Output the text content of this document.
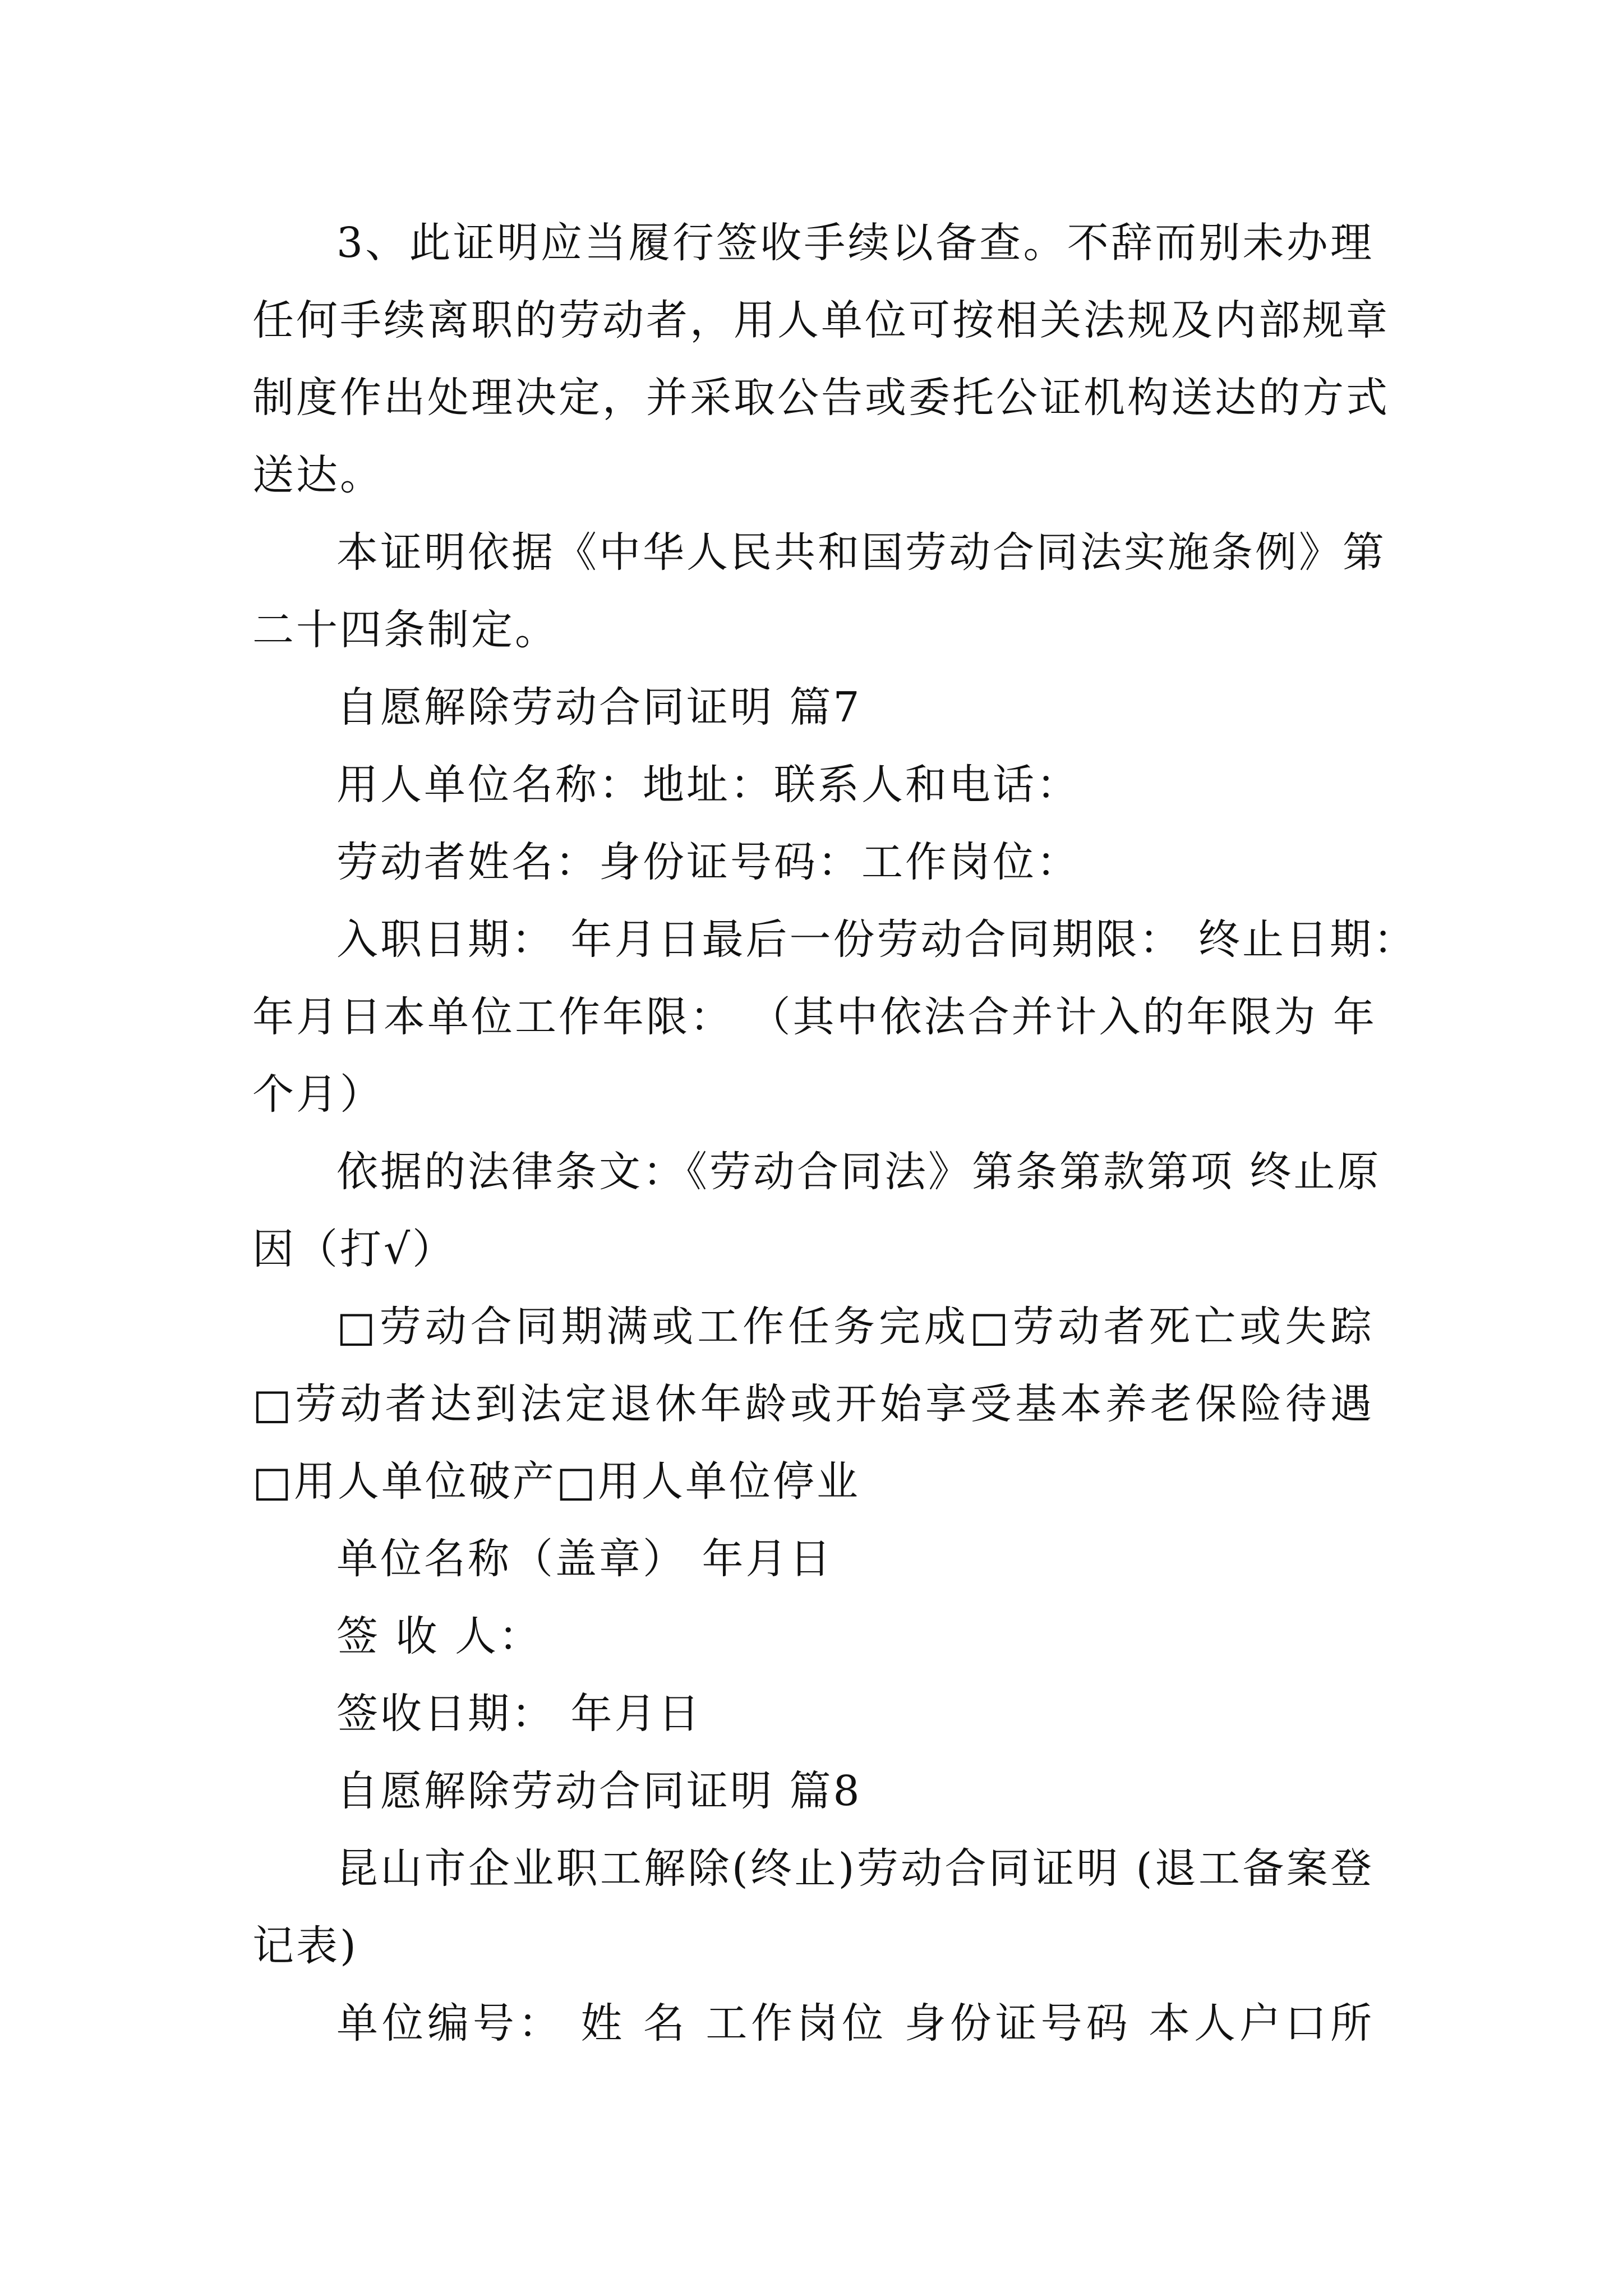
3、此证明应当履行签收手续以备查。不辞而别未办理
任何手续离职的劳动者，用人单位可按相关法规及内部规章
制度作出处理决定，并采取公告或委托公证机构送达的方式
送达。
本证明依据《中华人民共和国劳动合同法实施条例》第
二十四条制定。
自愿解除劳动合同证明 篇7
用人单位名称：地址：联系人和电话：
劳动者姓名：身份证号码：工作岗位：
入职日期： 年月日最后一份劳动合同期限： 终止日期：
年月日本单位工作年限： （其中依法合并计入的年限为 年
个月）
依据的法律条文：《劳动合同法》第条第款第项 终止原
因（打√）
□劳动合同期满或工作任务完成□劳动者死亡或失踪
□劳动者达到法定退休年龄或开始享受基本养老保险待遇
□用人单位破产□用人单位停业
单位名称（盖章） 年月日
签 收 人：
签收日期： 年月日
自愿解除劳动合同证明 篇8
昆山市企业职工解除(终止)劳动合同证明 (退工备案登
记表)
单位编号： 姓 名 工作岗位 身份证号码 本人户口所
